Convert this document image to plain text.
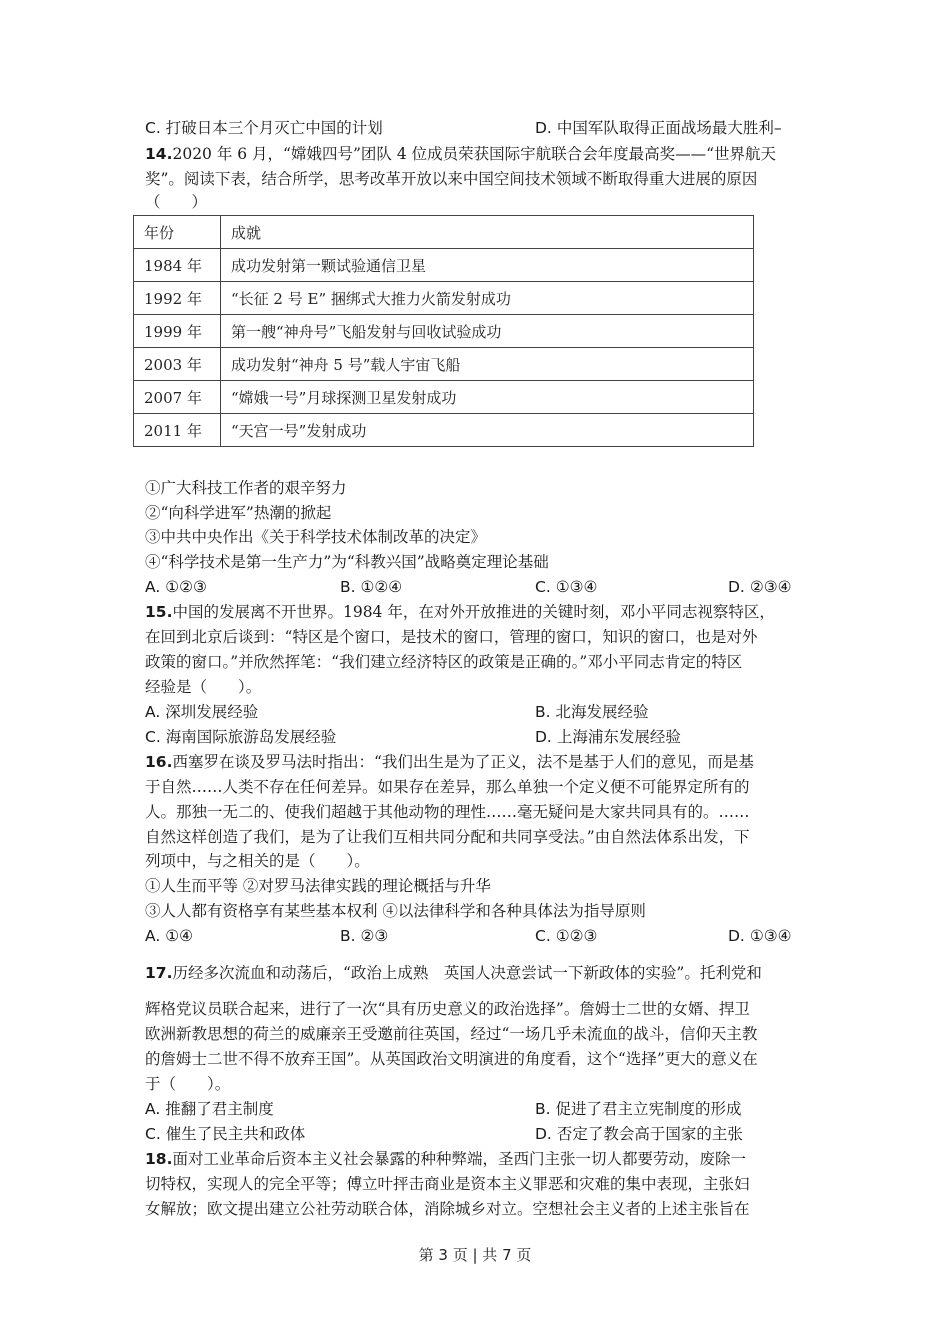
C. 打破日本三个月灭亡中国的计划	D. 中国军队取得正面战场最大胜利–
14.2020 年 6 月，“嫦娥四号”团队 4 位成员荣获国际宇航联合会年度最高奖——“世界航天
奖”。阅读下表，结合所学，思考改革开放以来中国空间技术领域不断取得重大进展的原因
（　　）
年份	成就
1984 年	成功发射第一颗试验通信卫星
1992 年	“长征 2 号 E” 捆绑式大推力火箭发射成功
1999 年	第一艘“神舟号”飞船发射与回收试验成功
2003 年	成功发射“神舟 5 号”载人宇宙飞船
2007 年	“嫦娥一号”月球探测卫星发射成功
2011 年	“天宫一号”发射成功
①广大科技工作者的艰辛努力
②“向科学进军”热潮的掀起
③中共中央作出《关于科学技术体制改革的决定》
④“科学技术是第一生产力”为“科教兴国”战略奠定理论基础
A. ①②③	B. ①②④	C. ①③④	D. ②③④
15.中国的发展离不开世界。1984 年，在对外开放推进的关键时刻，邓小平同志视察特区，
在回到北京后谈到：“特区是个窗口，是技术的窗口，管理的窗口，知识的窗口，也是对外
政策的窗口。”并欣然挥笔：“我们建立经济特区的政策是正确的。”邓小平同志肯定的特区
经验是（　　）。
A. 深圳发展经验	B. 北海发展经验
C. 海南国际旅游岛发展经验	D. 上海浦东发展经验
16.西塞罗在谈及罗马法时指出：“我们出生是为了正义，法不是基于人们的意见，而是基
于自然……人类不存在任何差异。如果存在差异，那么单独一个定义便不可能界定所有的
人。那独一无二的、使我们超越于其他动物的理性……毫无疑问是大家共同具有的。……
自然这样创造了我们，是为了让我们互相共同分配和共同享受法。”由自然法体系出发，下
列项中，与之相关的是（　　）。
①人生而平等 ②对罗马法律实践的理论概括与升华
③人人都有资格享有某些基本权利 ④以法律科学和各种具体法为指导原则
A. ①④	B. ②③	C. ①②③	D. ①③④
17.历经多次流血和动荡后，“政治上成熟　英国人决意尝试一下新政体的实验”。托利党和
辉格党议员联合起来，进行了一次“具有历史意义的政治选择”。詹姆士二世的女婿、捍卫
欧洲新教思想的荷兰的威廉亲王受邀前往英国，经过“一场几乎未流血的战斗，信仰天主教
的詹姆士二世不得不放弃王国”。从英国政治文明演进的角度看，这个“选择”更大的意义在
于（　　）。
A. 推翻了君主制度	B. 促进了君主立宪制度的形成
C. 催生了民主共和政体	D. 否定了教会高于国家的主张
18.面对工业革命后资本主义社会暴露的种种弊端，圣西门主张一切人都要劳动，废除一
切特权，实现人的完全平等；傅立叶抨击商业是资本主义罪恶和灾难的集中表现，主张妇
女解放；欧文提出建立公社劳动联合体，消除城乡对立。空想社会主义者的上述主张旨在
第 3 页 | 共 7 页
